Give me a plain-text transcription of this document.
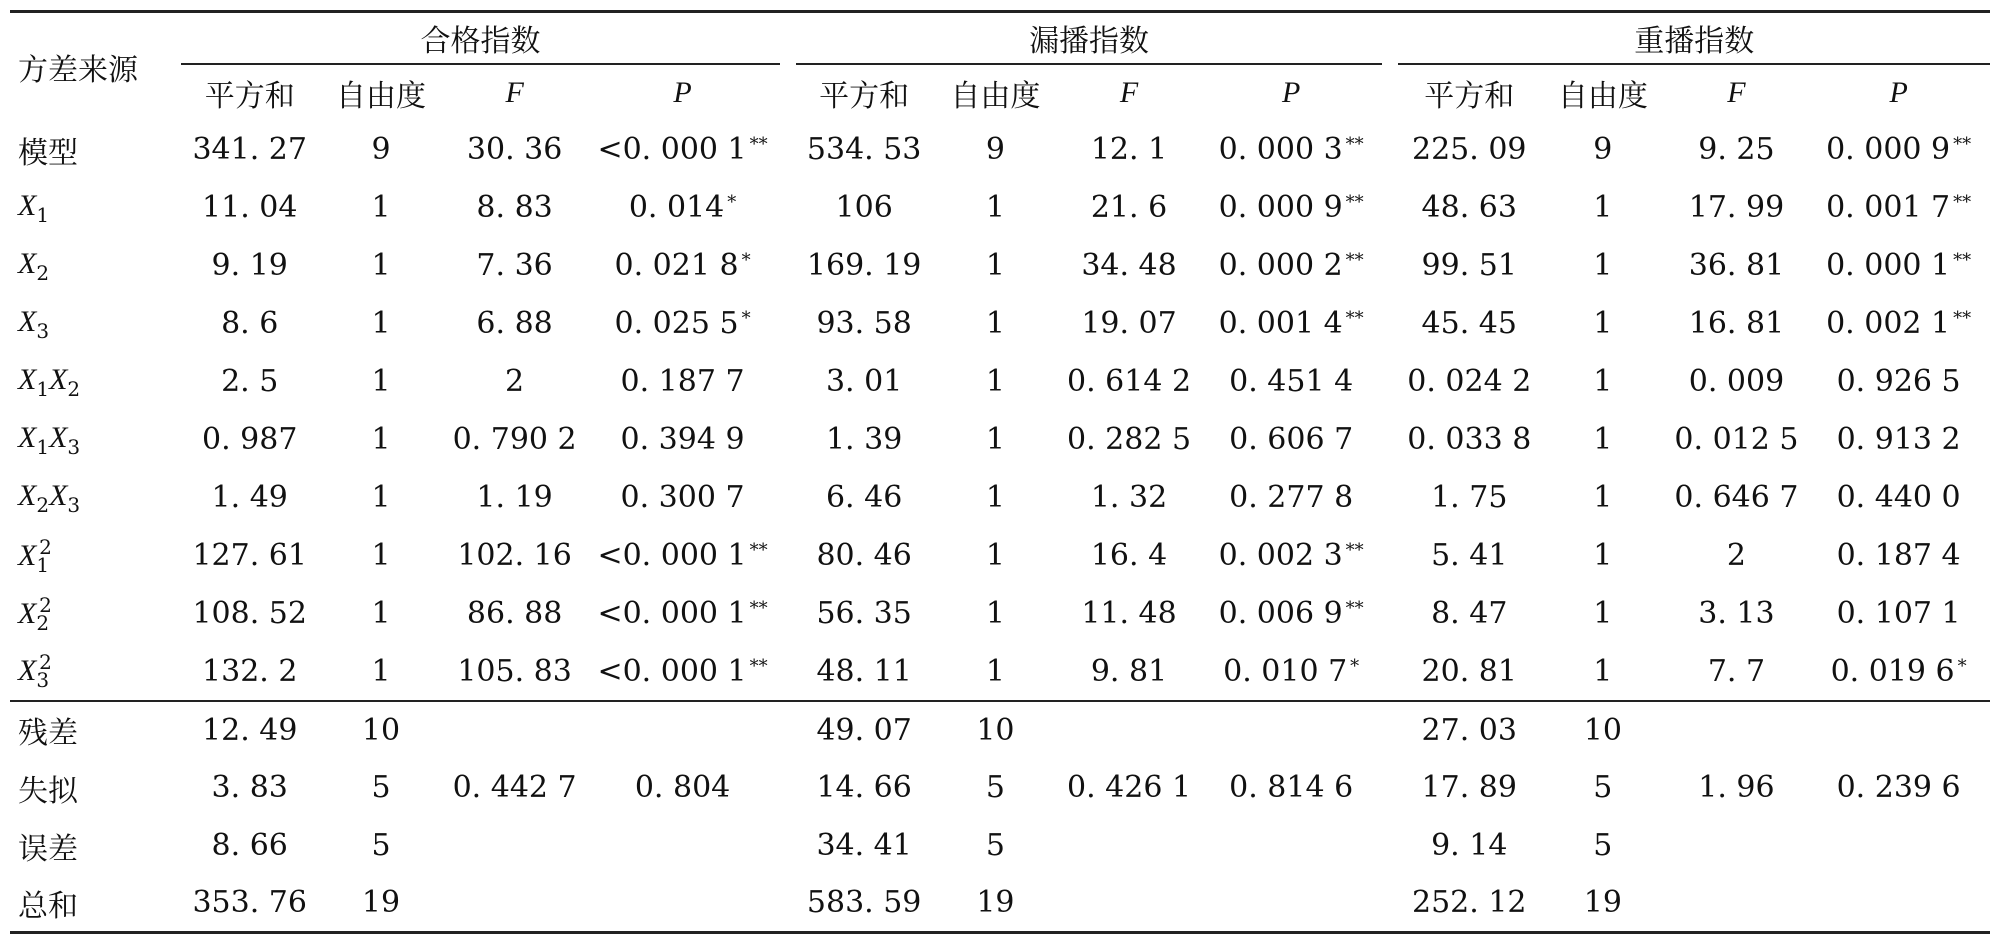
方差来源	合格指数					漏播指数					重播指数			
	平方和	自由度	F	P		平方和	自由度	F	P		平方和	自由度	F	P
模型	341. 27	9	30. 36	<0. 000 1 **		534. 53	9	12. 1	0. 000 3 **		225. 09	9	9. 25	0. 000 9 **
$X_1$	11. 04	1	8. 83	0. 014 *		106	1	21. 6	0. 000 9 **		48. 63	1	17. 99	0. 001 7 **
$X_2$	9. 19	1	7. 36	0. 021 8 *		169. 19	1	34. 48	0. 000 2 **		99. 51	1	36. 81	0. 000 1 **
$X_3$	8. 6	1	6. 88	0. 025 5 *		93. 58	1	19. 07	0. 001 4 **		45. 45	1	16. 81	0. 002 1 **
$X_1X_2$	2. 5	1	2	0. 187 7		3. 01	1	0. 614 2	0. 451 4		0. 024 2	1	0. 009	0. 926 5
$X_1X_3$	0. 987	1	0. 790 2	0. 394 9		1. 39	1	0. 282 5	0. 606 7		0. 033 8	1	0. 012 5	0. 913 2
$X_2X_3$	1. 49	1	1. 19	0. 300 7		6. 46	1	1. 32	0. 277 8		1. 75	1	0. 646 7	0. 440 0
$X_1^2$	127. 61	1	102. 16	<0. 000 1 **		80. 46	1	16. 4	0. 002 3 **		5. 41	1	2	0. 187 4
$X_2^2$	108. 52	1	86. 88	<0. 000 1 **		56. 35	1	11. 48	0. 006 9 **		8. 47	1	3. 13	0. 107 1
$X_3^2$	132. 2	1	105. 83	<0. 000 1 **		48. 11	1	9. 81	0. 010 7 *		20. 81	1	7. 7	0. 019 6 *
残差	12. 49	10				49. 07	10				27. 03	10		
失拟	3. 83	5	0. 442 7	0. 804		14. 66	5	0. 426 1	0. 814 6		17. 89	5	1. 96	0. 239 6
误差	8. 66	5				34. 41	5				9. 14	5		
总和	353. 76	19				583. 59	19				252. 12	19		
